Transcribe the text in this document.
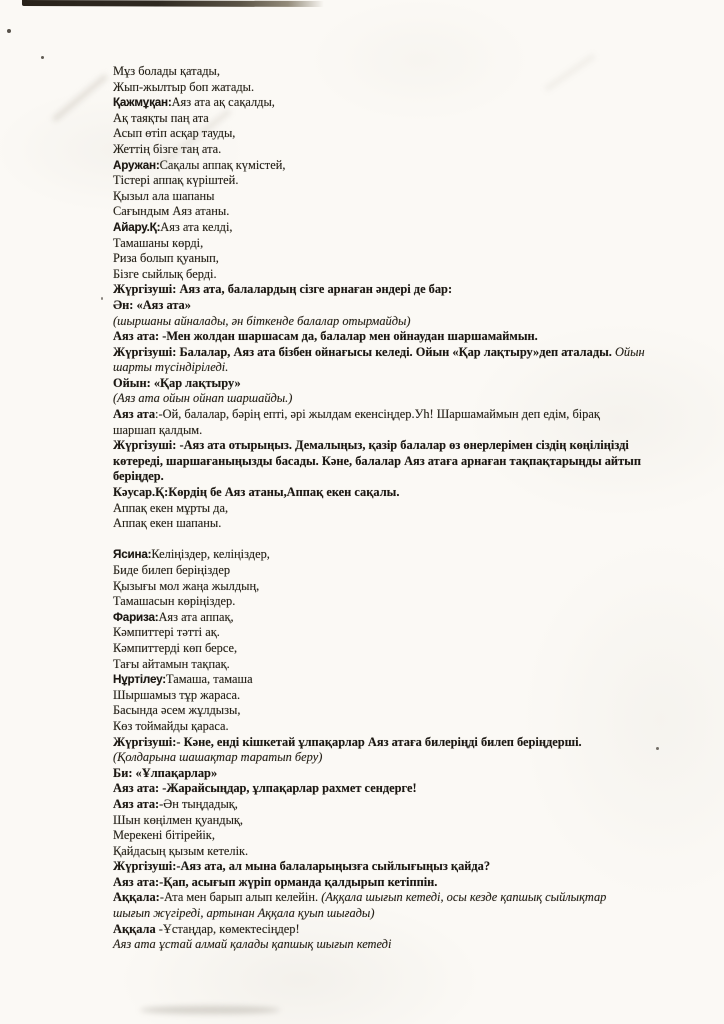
Мұз болады қатады,
Жып-жылтыр боп жатады.
Қажмұқан:Аяз ата ақ сақалды,
Ақ таяқты паң ата
Асып өтіп асқар тауды,
Жеттің бізге таң ата.
Аружан:Сақалы аппақ күмістей,
Тістері аппақ күріштей.
Қызыл ала шапаны
Сағындым Аяз атаны.
Айару.Қ:Аяз ата келді,
Тамашаны көрді,
Риза болып қуанып,
Бізге сыйлық берді.
Жүргізуші: Аяз ата, балалардың сізге арнаған әндері де бар:
Ән: «Аяз ата»
(шыршаны айналады, ән біткенде балалар отырмайды)
Аяз ата: -Мен жолдан шаршасам да, балалар мен ойнаудан шаршамаймын.
Жүргізуші: Балалар, Аяз ата бізбен ойнағысы келеді. Ойын «Қар лақтыру»деп аталады. Ойын
шарты түсіндіріледі.
Ойын: «Қар лақтыру»
(Аяз ата ойын ойнап шаршайды.)
Аяз ата:-Ой, балалар, бәрің епті, әрі жылдам екенсіңдер.Уһ! Шаршамаймын деп едім, бірақ
шаршап қалдым.
Жүргізуші: -Аяз ата отырыңыз. Демалыңыз, қазір балалар өз өнерлерімен сіздің көңіліңізді
көтереді, шаршағаныңызды басады. Кәне, балалар Аяз атаға арнаған тақпақтарыңды айтып
беріңдер.
Кәусар.Қ:Көрдің бе Аяз атаны,Аппақ екен сақалы.
Аппақ екен мұрты да,
Аппақ екен шапаны.
Ясина:Келіңіздер, келіңіздер,
Биде билеп беріңіздер
Қызығы мол жаңа жылдың,
Тамашасын көріңіздер.
Фариза:Аяз ата аппақ,
Кәмпиттері тәтті ақ.
Кәмпиттерді көп берсе,
Тағы айтамын тақпақ.
Нұртілеу:Тамаша, тамаша
Шыршамыз тұр жараса.
Басында әсем жұлдызы,
Көз тоймайды қараса.
Жүргізуші:- Кәне, енді кішкетай ұлпақарлар Аяз атаға билеріңді билеп беріңдерші.
(Қолдарына шашақтар таратып беру)
Би: «Ұлпақарлар»
Аяз ата: -Жарайсыңдар, ұлпақарлар рахмет сендерге!
Аяз ата:-Ән тыңдадық,
Шын көңілмен қуандық,
Мерекені бітірейік,
Қайдасың қызым кетелік.
Жүргізуші:-Аяз ата, ал мына балаларыңызға сыйлығыңыз қайда?
Аяз ата:-Қап, асығып жүріп орманда қалдырып кетіппін.
Аққала:-Ата мен барып алып келейін. (Аққала шығып кетеді, осы кезде қапшық сыйлықтар
шығып жүгіреді, артынан Аққала қуып шығады)
Аққала -Ұстаңдар, көмектесіңдер!
Аяз ата ұстай алмай қалады қапшық шығып кетеді
